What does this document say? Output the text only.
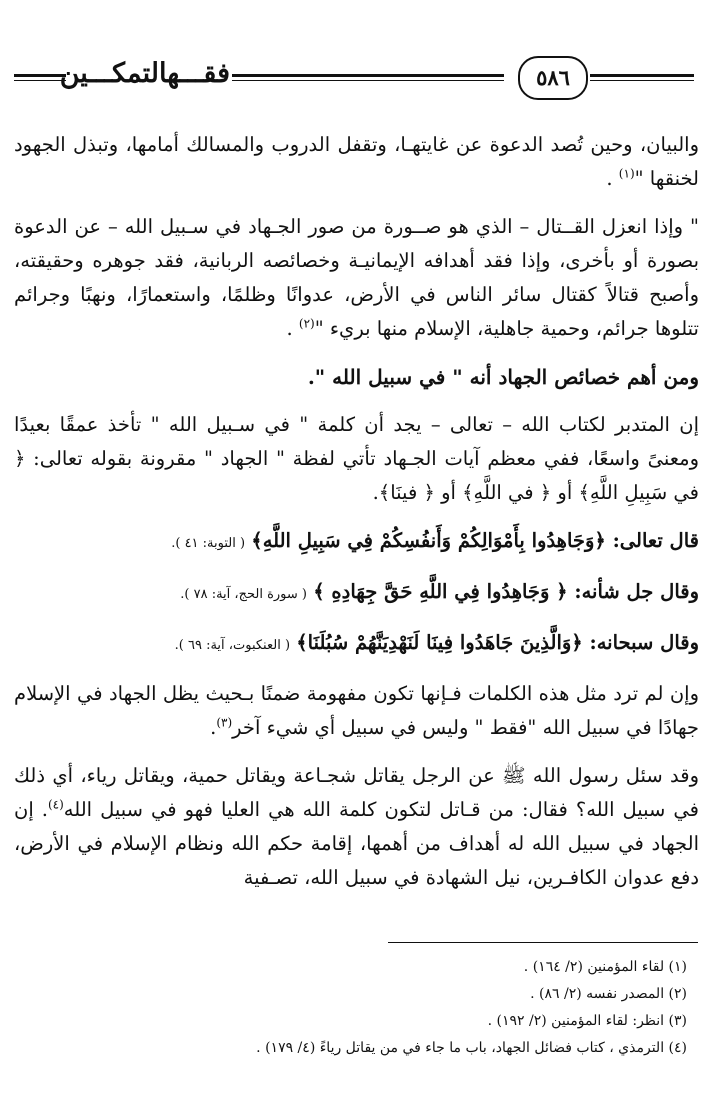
فقـــهالتمكـــين	٥٨٦

والبيان، وحين تُصد الدعوة عن غايتهـا، وتقفل الدروب والمسالك أمامها، وتبذل الجهود لخنقها "$^{(١)}$ .

" وإذا انعزل القــتال – الذي هو صــورة من صور الجـهاد في سـبيل الله – عن الدعوة بصورة أو بأخرى، وإذا فقد أهدافه الإيمانيـة وخصائصه الربانية، فقد جوهره وحقيقته، وأصبح قتالاً كقتال سائر الناس في الأرض، عدوانًا وظلمًا، واستعمارًا، ونهبًا وجرائم تتلوها جرائم، وحمية جاهلية، الإسلام منها بريء "$^{(٢)}$ .

ومن أهم خصائص الجهاد أنه " في سبيل الله ".

إن المتدبر لكتاب الله – تعالى – يجد أن كلمة " في سـبيل الله " تأخذ عمقًا بعيدًا ومعنىً واسعًا، ففي معظم آيات الجـهاد تأتي لفظة " الجهاد " مقرونة بقوله تعالى: ﴿ في سَبِيلِ اللَّهِ﴾ أو ﴿ في اللَّهِ﴾ أو ﴿ فينَا﴾.

قال تعالى: ﴿وَجَاهِدُوا بِأَمْوَالِكُمْ وَأَنفُسِكُمْ فِي سَبِيلِ اللَّهِ﴾ ( التوبة: ٤١ ).

وقال جل شأنه: ﴿ وَجَاهِدُوا فِي اللَّهِ حَقَّ جِهَادِهِ ﴾ ( سورة الحج، آية: ٧٨ ).

وقال سبحانه: ﴿وَالَّذِينَ جَاهَدُوا فِينَا لَنَهْدِيَنَّهُمْ سُبُلَنَا﴾ ( العنكبوت، آية: ٦٩ ).

وإن لم ترد مثل هذه الكلمات فـإنها تكون مفهومة ضمنًا بـحيث يظل الجهاد في الإسلام جهادًا في سبيل الله "فقط " وليس في سبيل أي شيء آخر$^{(٣)}$.

وقد سئل رسول الله ﷺ عن الرجل يقاتل شجـاعة ويقاتل حمية، ويقاتل رياء، أي ذلك في سبيل الله؟ فقال: من قـاتل لتكون كلمة الله هي العليا فهو في سبيل الله$^{(٤)}$. إن الجهاد في سبيل الله له أهداف من أهمها، إقامة حكم الله ونظام الإسلام في الأرض، دفع عدوان الكافـرين، نيل الشهادة في سبيل الله، تصـفية

(١) لقاء المؤمنين (٢/ ١٦٤) .

(٢) المصدر نفسه (٢/ ٨٦) .

(٣) انظر: لقاء المؤمنين (٢/ ١٩٢) .

(٤) الترمذي ، كتاب فضائل الجهاد، باب ما جاء في من يقاتل رياءً (٤/ ١٧٩) .
